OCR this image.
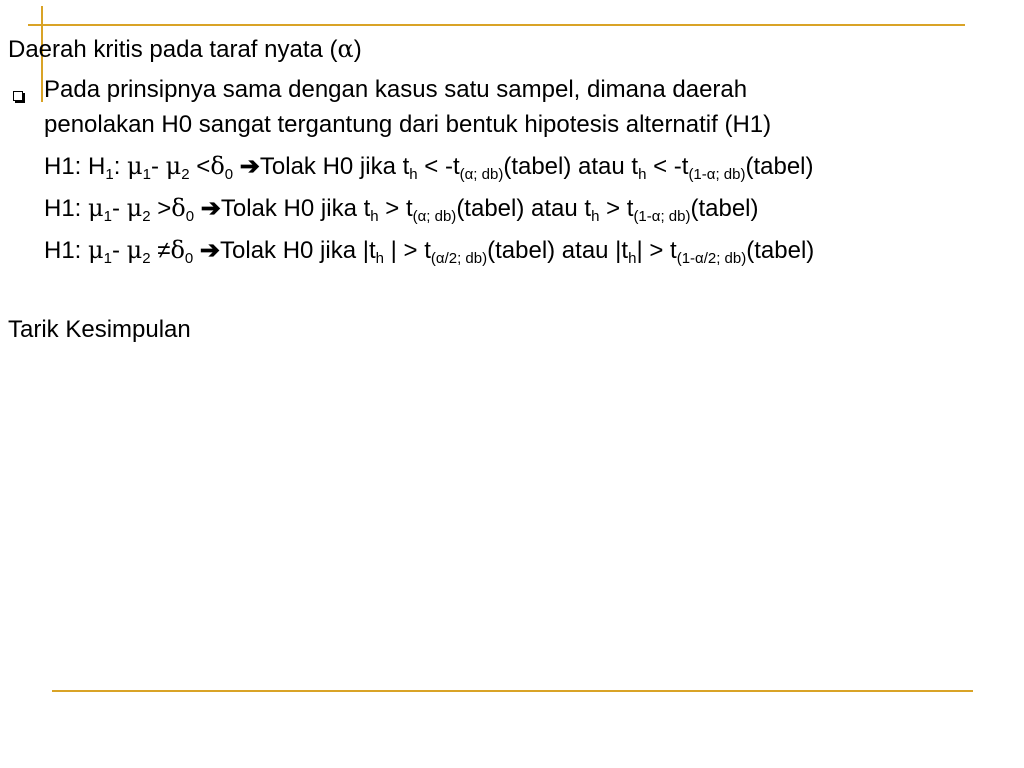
Daerah kritis pada taraf nyata (α)
Pada prinsipnya sama dengan kasus satu sampel, dimana daerah
penolakan H0 sangat tergantung dari bentuk hipotesis alternatif (H1)
H1: $H_1$: $\mu_1-$ $\mu_2 <\delta_0$ ➔Tolak H0 jika $t_h$ < $-t_{(\alpha; db)}(tabel)$ atau $t_h$ < $-t_{(1-\alpha; db)}(tabel)$
H1: $\mu_1-$ $\mu_2 >\delta_0$ ➔Tolak H0 jika $t_h$ > $t_{(\alpha; db)}(tabel)$ atau $t_h$ > $t_{(1-\alpha; db)}(tabel)$
H1: $\mu_1-$ $\mu_2 \ne\delta_0$ ➔Tolak H0 jika $|t_h$ | > $t_{(\alpha/2; db)}(tabel)$ atau $|t_h|$ > $t_{(1-\alpha/2; db)}(tabel)$
Tarik Kesimpulan
